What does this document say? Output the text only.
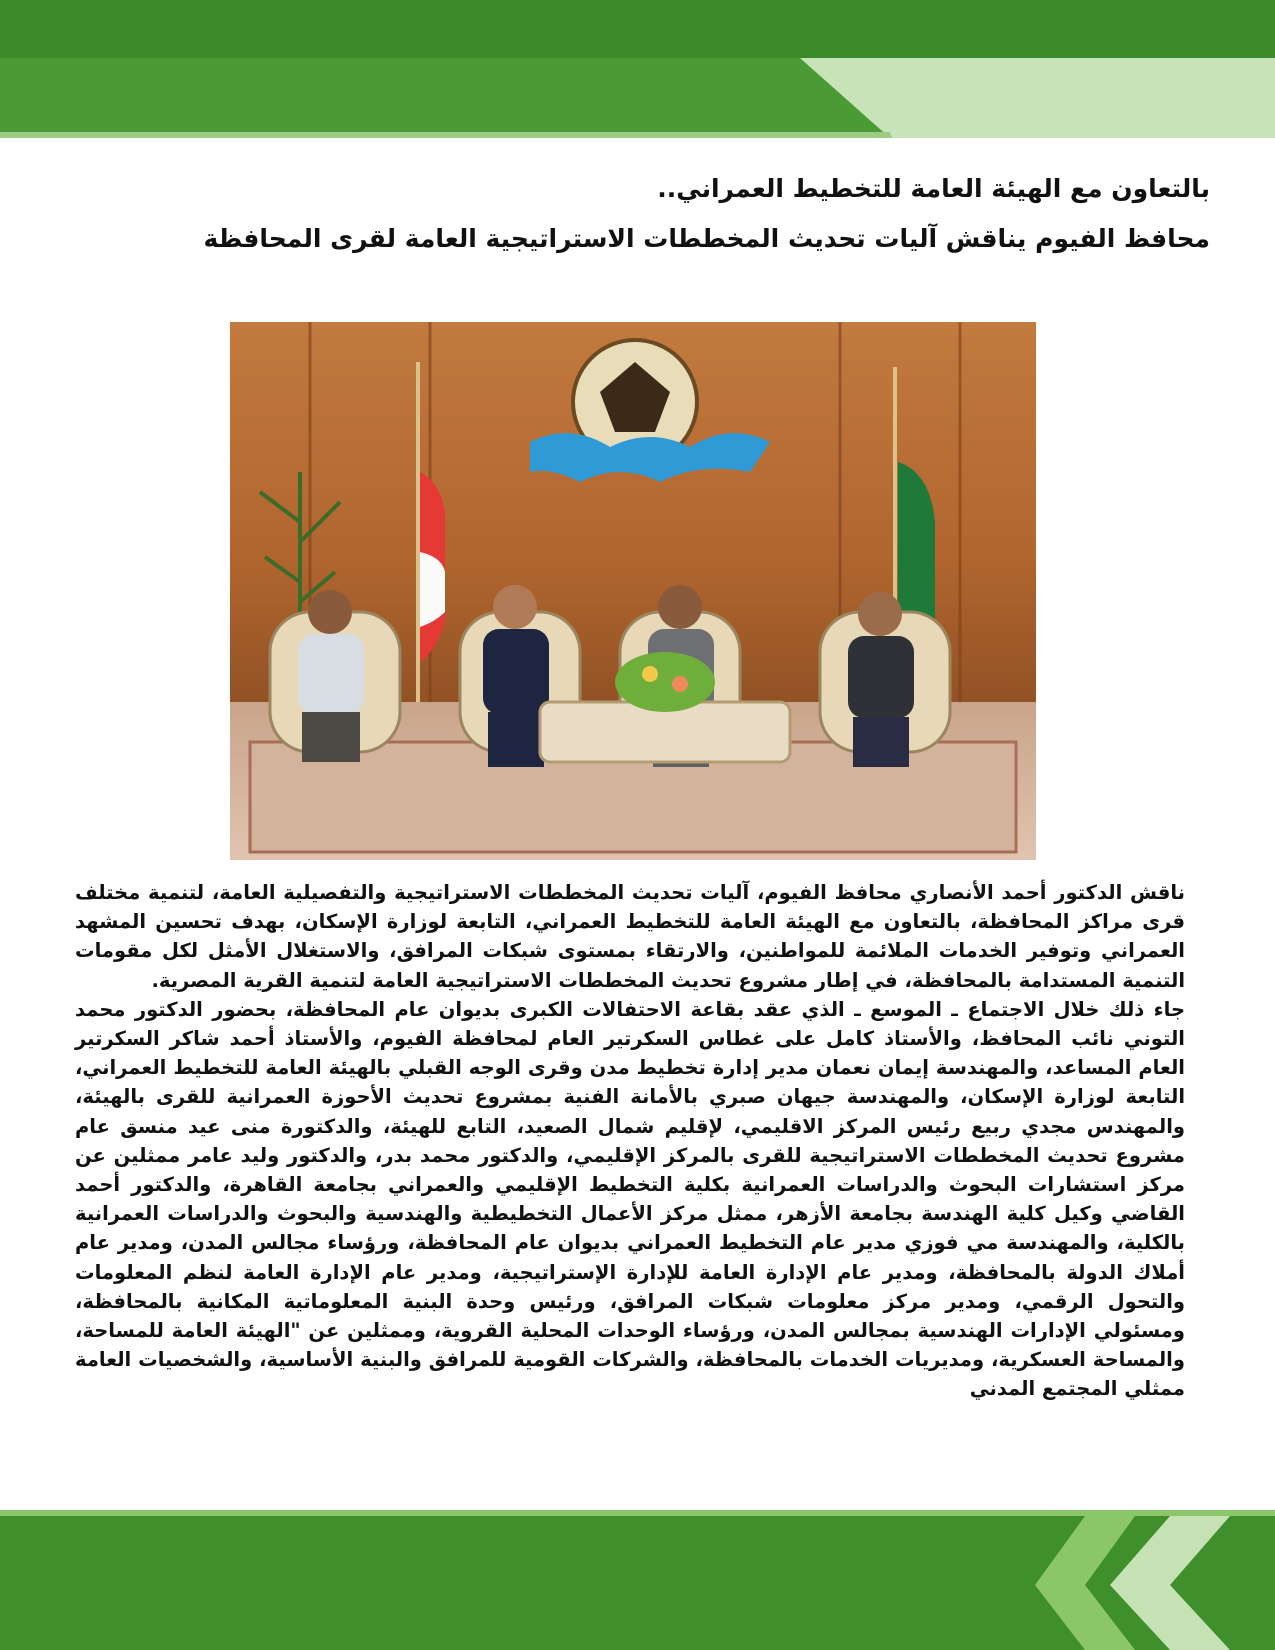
بالتعاون مع الهيئة العامة للتخطيط العمراني..
محافظ الفيوم يناقش آليات تحديث المخططات الاستراتيجية العامة لقرى المحافظة

ناقش الدكتور أحمد الأنصاري محافظ الفيوم، آليات تحديث المخططات الاستراتيجية والتفصيلية العامة، لتنمية مختلف قرى مراكز المحافظة، بالتعاون مع الهيئة العامة للتخطيط العمراني، التابعة لوزارة الإسكان، بهدف تحسين المشهد العمراني وتوفير الخدمات الملائمة للمواطنين، والارتقاء بمستوى شبكات المرافق، والاستغلال الأمثل لكل مقومات التنمية المستدامة بالمحافظة، في إطار مشروع تحديث المخططات الاستراتيجية العامة لتنمية القرية المصرية.

جاء ذلك خلال الاجتماع ـ الموسع ـ الذي عقد بقاعة الاحتفالات الكبرى بديوان عام المحافظة، بحضور الدكتور محمد التوني نائب المحافظ، والأستاذ كامل على غطاس السكرتير العام لمحافظة الفيوم، والأستاذ أحمد شاكر السكرتير العام المساعد، والمهندسة إيمان نعمان مدير إدارة تخطيط مدن وقرى الوجه القبلي بالهيئة العامة للتخطيط العمراني، التابعة لوزارة الإسكان، والمهندسة جيهان صبري بالأمانة الفنية بمشروع تحديث الأحوزة العمرانية للقرى بالهيئة، والمهندس مجدي ربيع رئيس المركز الاقليمي، لإقليم شمال الصعيد، التابع للهيئة، والدكتورة منى عيد منسق عام مشروع تحديث المخططات الاستراتيجية للقرى بالمركز الإقليمي، والدكتور محمد بدر، والدكتور وليد عامر ممثلين عن مركز استشارات البحوث والدراسات العمرانية بكلية التخطيط الإقليمي والعمراني بجامعة القاهرة، والدكتور أحمد القاضي وكيل كلية الهندسة بجامعة الأزهر، ممثل مركز الأعمال التخطيطية والهندسية والبحوث والدراسات العمرانية بالكلية، والمهندسة مي فوزي مدير عام التخطيط العمراني بديوان عام المحافظة، ورؤساء مجالس المدن، ومدير عام أملاك الدولة بالمحافظة، ومدير عام الإدارة العامة للإدارة الإستراتيجية، ومدير عام الإدارة العامة لنظم المعلومات والتحول الرقمي، ومدير مركز معلومات شبكات المرافق، ورئيس وحدة البنية المعلوماتية المكانية بالمحافظة، ومسئولي الإدارات الهندسية بمجالس المدن، ورؤساء الوحدات المحلية القروية، وممثلين عن "الهيئة العامة للمساحة، والمساحة العسكرية، ومديريات الخدمات بالمحافظة، والشركات القومية للمرافق والبنية الأساسية، والشخصيات العامة ممثلي المجتمع المدني
